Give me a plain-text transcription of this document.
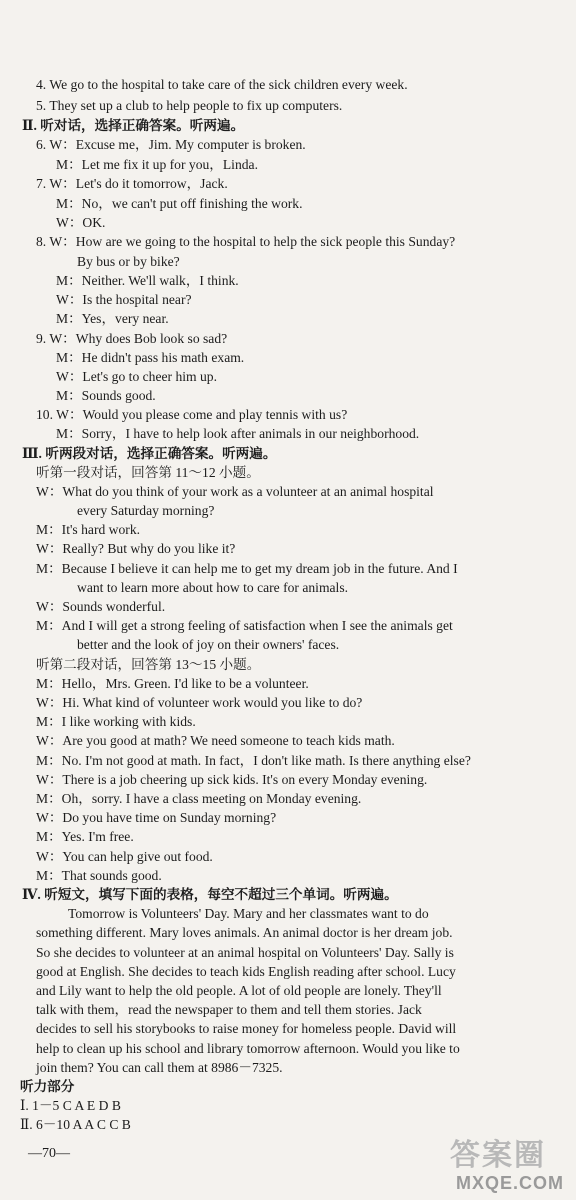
4. We go to the hospital to take care of the sick children every week.
5. They set up a club to help people to fix up computers.
Ⅱ. 听对话，选择正确答案。听两遍。
6. W：Excuse me，Jim. My computer is broken.
M：Let me fix it up for you，Linda.
7. W：Let's do it tomorrow，Jack.
M：No，we can't put off finishing the work.
W：OK.
8. W：How are we going to the hospital to help the sick people this Sunday?
By bus or by bike?
M：Neither. We'll walk，I think.
W：Is the hospital near?
M：Yes，very near.
9. W：Why does Bob look so sad?
M：He didn't pass his math exam.
W：Let's go to cheer him up.
M：Sounds good.
10. W：Would you please come and play tennis with us?
M：Sorry，I have to help look after animals in our neighborhood.
Ⅲ. 听两段对话，选择正确答案。听两遍。
听第一段对话，回答第 11～12 小题。
W：What do you think of your work as a volunteer at an animal hospital
every Saturday morning?
M：It's hard work.
W：Really? But why do you like it?
M：Because I believe it can help me to get my dream job in the future. And I
want to learn more about how to care for animals.
W：Sounds wonderful.
M：And I will get a strong feeling of satisfaction when I see the animals get
better and the look of joy on their owners' faces.
听第二段对话，回答第 13～15 小题。
M：Hello，Mrs. Green. I'd like to be a volunteer.
W：Hi. What kind of volunteer work would you like to do?
M：I like working with kids.
W：Are you good at math? We need someone to teach kids math.
M：No. I'm not good at math. In fact，I don't like math. Is there anything else?
W：There is a job cheering up sick kids. It's on every Monday evening.
M：Oh，sorry. I have a class meeting on Monday evening.
W：Do you have time on Sunday morning?
M：Yes. I'm free.
W：You can help give out food.
M：That sounds good.
Ⅳ. 听短文，填写下面的表格，每空不超过三个单词。听两遍。
Tomorrow is Volunteers' Day. Mary and her classmates want to do
something different. Mary loves animals. An animal doctor is her dream job.
So she decides to volunteer at an animal hospital on Volunteers' Day. Sally is
good at English. She decides to teach kids English reading after school. Lucy
and Lily want to help the old people. A lot of old people are lonely. They'll
talk with them，read the newspaper to them and tell them stories. Jack
decides to sell his storybooks to raise money for homeless people. David will
help to clean up his school and library tomorrow afternoon. Would you like to
join them? You can call them at 8986－7325.
听力部分
Ⅰ. 1－5 C A E D B
Ⅱ. 6－10 A A C C B
—70—	答案圈
MXQE.COM
